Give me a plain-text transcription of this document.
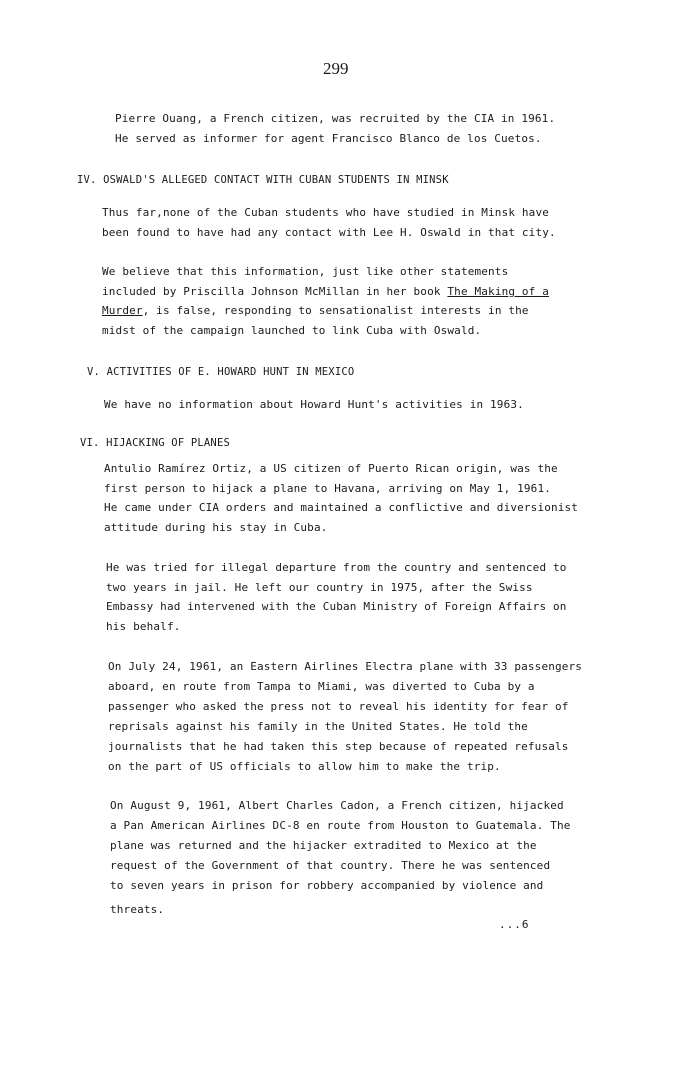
299

Pierre Ouang, a French citizen, was recruited by the CIA in 1961.

He served as informer for agent Francisco Blanco de los Cuetos.

IV. OSWALD'S ALLEGED CONTACT WITH CUBAN STUDENTS IN MINSK

Thus far,none of the Cuban students who have studied in Minsk have

been found to have had any contact with Lee H. Oswald in that city.

We believe that this information, just like other statements

included by Priscilla Johnson McMillan in her book The Making of a

Murder, is false, responding to sensationalist interests in the

midst of the campaign launched to link Cuba with Oswald.

V. ACTIVITIES OF E. HOWARD HUNT IN MEXICO

We have no information about Howard Hunt's activities in 1963.

VI. HIJACKING OF PLANES

Antulio Ramírez Ortiz, a US citizen of Puerto Rican origin, was the

first person to hijack a plane to Havana, arriving on May 1, 1961.

He came under CIA orders and maintained a conflictive and diversionist

attitude during his stay in Cuba.

He was tried for illegal departure from the country and sentenced to

two years in jail. He left our country in 1975, after the Swiss

Embassy had intervened with the Cuban Ministry of Foreign Affairs on

his behalf.

On July 24, 1961, an Eastern Airlines Electra plane with 33 passengers

aboard, en route from Tampa to Miami, was diverted to Cuba by a

passenger who asked the press not to reveal his identity for fear of

reprisals against his family in the United States. He told the

journalists that he had taken this step because of repeated refusals

on the part of US officials to allow him to make the trip.

On August 9, 1961, Albert Charles Cadon, a French citizen, hijacked

a Pan American Airlines DC-8 en route from Houston to Guatemala. The

plane was returned and the hijacker extradited to Mexico at the

request of the Government of that country. There he was sentenced

to seven years in prison for robbery accompanied by violence and

threats.

...6
